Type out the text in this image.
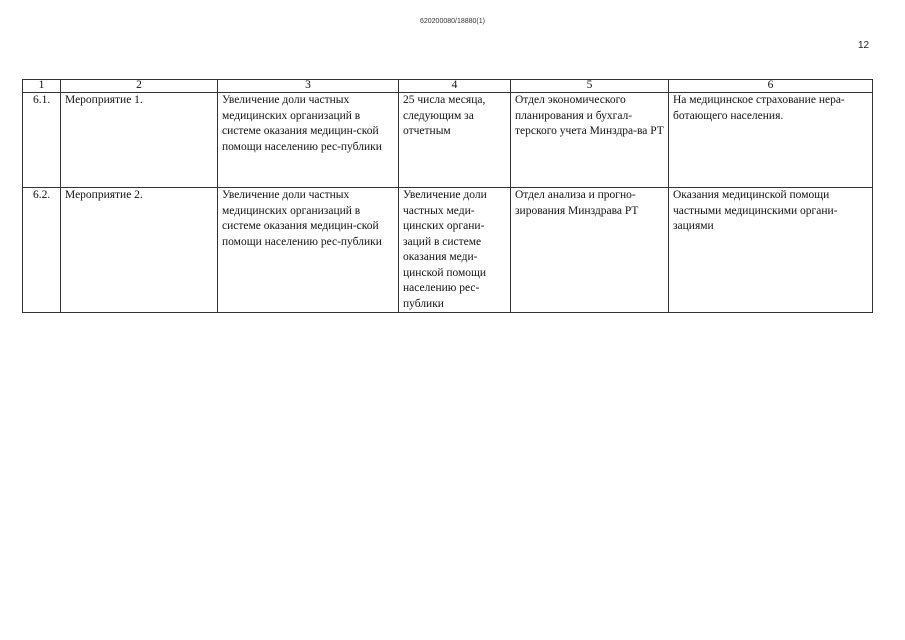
620200080/18880(1)
12
1	2	3	4	5	6
6.1.	Мероприятие 1.	Увеличение доли частных медицинских организаций в системе оказания медицин-ской помощи населению рес-публики	25 числа месяца, следующим за отчетным	Отдел экономического планирования и бухгал-терского учета Минздра-ва РТ	На медицинское страхование нера-ботающего населения.
6.2.	Мероприятие 2.	Увеличение доли частных медицинских организаций в системе оказания медицин-ской помощи населению рес-публики	Увеличение доли частных меди-цинских органи-заций в системе оказания меди-цинской помощи населению рес-публики	Отдел анализа и прогно-зирования Минздрава РТ	Оказания медицинской помощи частными медицинскими органи-зациями
